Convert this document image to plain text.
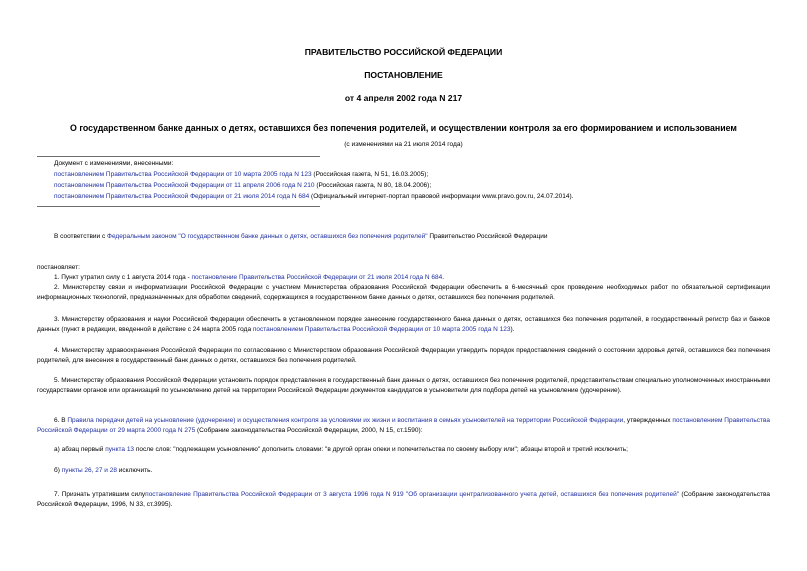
ПРАВИТЕЛЬСТВО РОССИЙСКОЙ ФЕДЕРАЦИИ
ПОСТАНОВЛЕНИЕ
от 4 апреля 2002 года N 217
О государственном банке данных о детях, оставшихся без попечения родителей, и осуществлении контроля за его формированием и использованием
(с изменениями на 21 июля 2014 года)
Документ с изменениями, внесенными:
постановлением Правительства Российской Федерации от 10 марта 2005 года N 123 (Российская газета, N 51, 16.03.2005);
постановлением Правительства Российской Федерации от 11 апреля 2006 года N 210 (Российская газета, N 80, 18.04.2006);
постановлением Правительства Российской Федерации от 21 июля 2014 года N 684 (Официальный интернет-портал правовой информации www.pravo.gov.ru, 24.07.2014).
В соответствии с Федеральным законом "О государственном банке данных о детях, оставшихся без попечения родителей" Правительство Российской Федерации
постановляет:
1. Пункт утратил силу с 1 августа 2014 года - постановление Правительства Российской Федерации от 21 июля 2014 года N 684.
2. Министерству связи и информатизации Российской Федерации с участием Министерства образования Российской Федерации обеспечить в 6-месячный срок проведение необходимых работ по обязательной сертификации информационных технологий, предназначенных для обработки сведений, содержащихся в государственном банке данных о детях, оставшихся без попечения родителей.
3. Министерству образования и науки Российской Федерации обеспечить в установленном порядке занесение государственного банка данных о детях, оставшихся без попечения родителей, в государственный регистр баз и банков данных (пункт в редакции, введенной в действие с 24 марта 2005 года постановлением Правительства Российской Федерации от 10 марта 2005 года N 123).
4. Министерству здравоохранения Российской Федерации по согласованию с Министерством образования Российской Федерации утвердить порядок предоставления сведений о состоянии здоровья детей, оставшихся без попечения родителей, для внесения в государственный банк данных о детях, оставшихся без попечения родителей.
5. Министерству образования Российской Федерации установить порядок представления в государственный банк данных о детях, оставшихся без попечения родителей, представительствам специально уполномоченных иностранными государствами органов или организаций по усыновлению детей на территории Российской Федерации документов кандидатов в усыновители для подбора детей на усыновление (удочерение).
6. В Правила передачи детей на усыновление (удочерение) и осуществления контроля за условиями их жизни и воспитания в семьях усыновителей на территории Российской Федерации, утвержденных постановлением Правительства Российской Федерации от 29 марта 2000 года N 275 (Собрание законодательства Российской Федерации, 2000, N 15, ст.1590):
а) абзац первый пункта 13 после слов: "подлежащем усыновлению" дополнить словами: "в другой орган опеки и попечительства по своему выбору или"; абзацы второй и третий исключить;
б) пункты 26, 27 и 28 исключить.
7. Признать утратившим силупостановление Правительства Российской Федерации от 3 августа 1996 года N 919 "Об организации централизованного учета детей, оставшихся без попечения родителей" (Собрание законодательства Российской Федерации, 1996, N 33, ст.3995).
